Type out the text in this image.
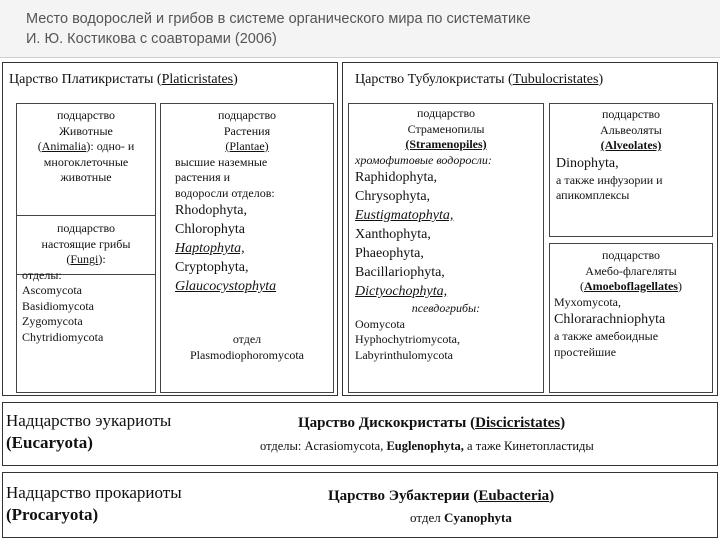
Место водорослей и грибов в системе органического мира по систематике
И. Ю. Костикова с соавторами (2006)
Царство Платикристаты (Platicristates)
подцарство
Животные
(Animalia): одно- и
многоклеточные
животные
подцарство
настоящие грибы
(Fungi):
отделы:
Ascomycota
Basidiomycota
Zygomycota
Chytridiomycota
подцарство
Растения
(Plantae)
высшие наземные
растения и
водоросли отделов:
Rhodophyta,
Chlorophyta
Haptophyta,
Cryptophyta,
Glaucocystophyta
отдел
Plasmodiophoromycota
Царство Тубулокристаты (Tubulocristates)
подцарство
Страменопилы
(Stramenopiles)
хромофитовые водоросли:
Raphidophyta,
Chrysophyta,
Eustigmatophyta,
Xanthophyta,
Phaeophyta,
Bacillariophyta,
Dictyochophyta,
псевдогрибы:
Oomycota
Hyphochytriomycota,
Labyrinthulomycota
подцарство
Альвеоляты
(Alveolates)
Dinophyta,
а также инфузории и
апикомплексы
подцарство
Амебо-флагеляты
(Amoeboflagellates)
Myxomycota,
Chlorarachniophyta
а также амебоидные
простейшие
Надцарство эукариоты
(Eucaryota)
Царство Дискокристаты (Discicristates)
отделы: Acrasiomycota, Euglenophyta, а таже Кинетопластиды
Надцарство прокариоты
(Procaryota)
Царство Эубактерии (Eubacteria)
отдел Cyanophyta
